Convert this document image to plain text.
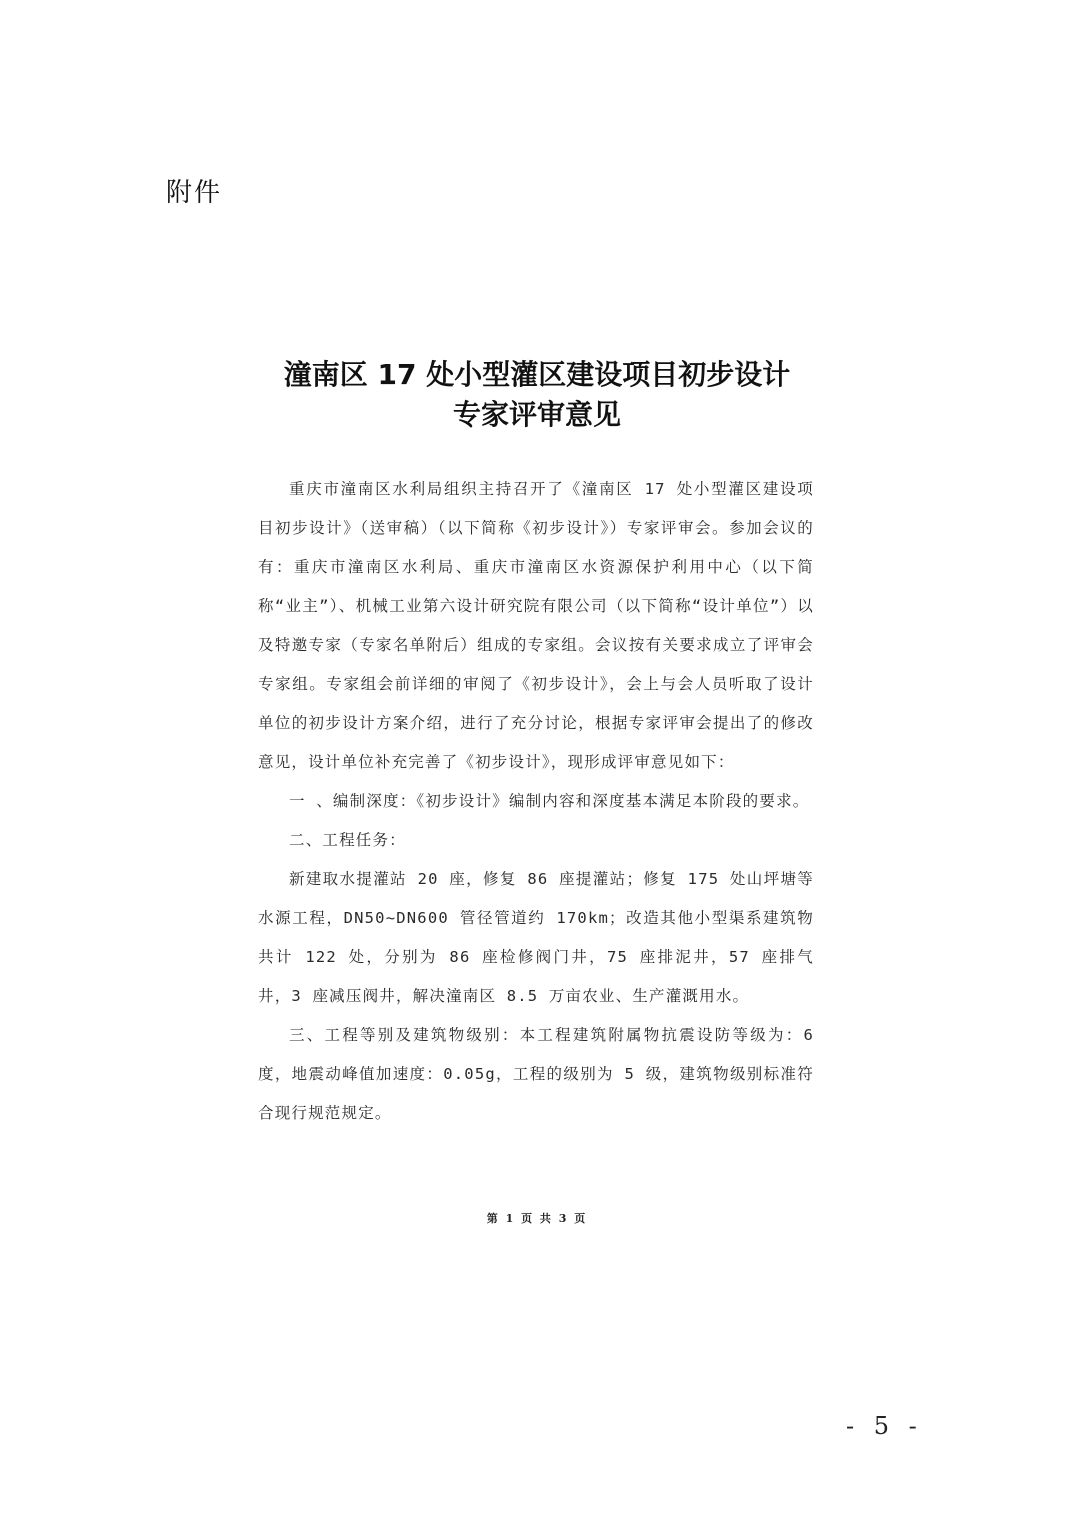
附件
潼南区 17 处小型灌区建设项目初步设计
专家评审意见

重庆市潼南区水利局组织主持召开了《潼南区 17 处小型灌区建设项目初步设计》（送审稿）（以下简称《初步设计》）专家评审会。参加会议的有：重庆市潼南区水利局、重庆市潼南区水资源保护利用中心（以下简称“业主”）、机械工业第六设计研究院有限公司（以下简称“设计单位”）以及特邀专家（专家名单附后）组成的专家组。会议按有关要求成立了评审会专家组。专家组会前详细的审阅了《初步设计》，会上与会人员听取了设计单位的初步设计方案介绍，进行了充分讨论，根据专家评审会提出了的修改意见，设计单位补充完善了《初步设计》，现形成评审意见如下：

一 、编制深度：《初步设计》编制内容和深度基本满足本阶段的要求。

二、工程任务：

新建取水提灌站 20 座，修复 86 座提灌站；修复 175 处山坪塘等水源工程，DN50~DN600 管径管道约 170km；改造其他小型渠系建筑物共计 122 处，分别为 86 座检修阀门井，75 座排泥井，57 座排气井，3 座减压阀井，解决潼南区 8.5 万亩农业、生产灌溉用水。

三、工程等别及建筑物级别：本工程建筑附属物抗震设防等级为：6 度，地震动峰值加速度：0.05g，工程的级别为 5 级，建筑物级别标准符合现行规范规定。

第 1 页 共 3 页
- 5 -
